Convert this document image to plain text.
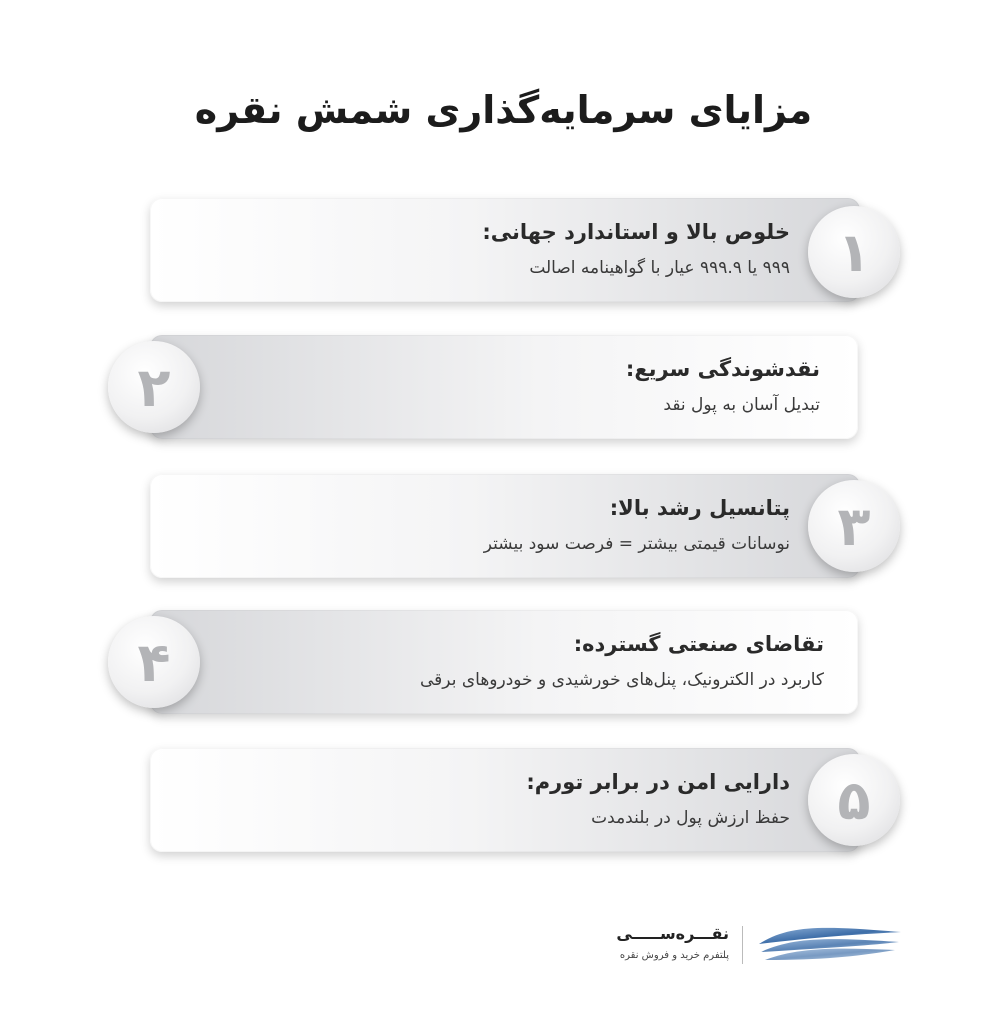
مزایای سرمایه‌گذاری شمش نقره

خلوص بالا و استاندارد جهانی:

۹۹۹ یا ۹۹۹.۹ عیار با گواهینامه اصالت ۱

نقدشوندگی سریع:

تبدیل آسان به پول نقد

۲

پتانسیل رشد بالا:

نوسانات قیمتی بیشتر = فرصت سود بیشتر ۳

تقاضای صنعتی گسترده:

کاربرد در الکترونیک، پنل‌های خورشیدی و خودروهای برقی

۴

دارایی امن در برابر تورم:

حفظ ارزش پول در بلندمدت ۵
نقـــره‌ســـــی
پلتفرم خرید و فروش نقره
